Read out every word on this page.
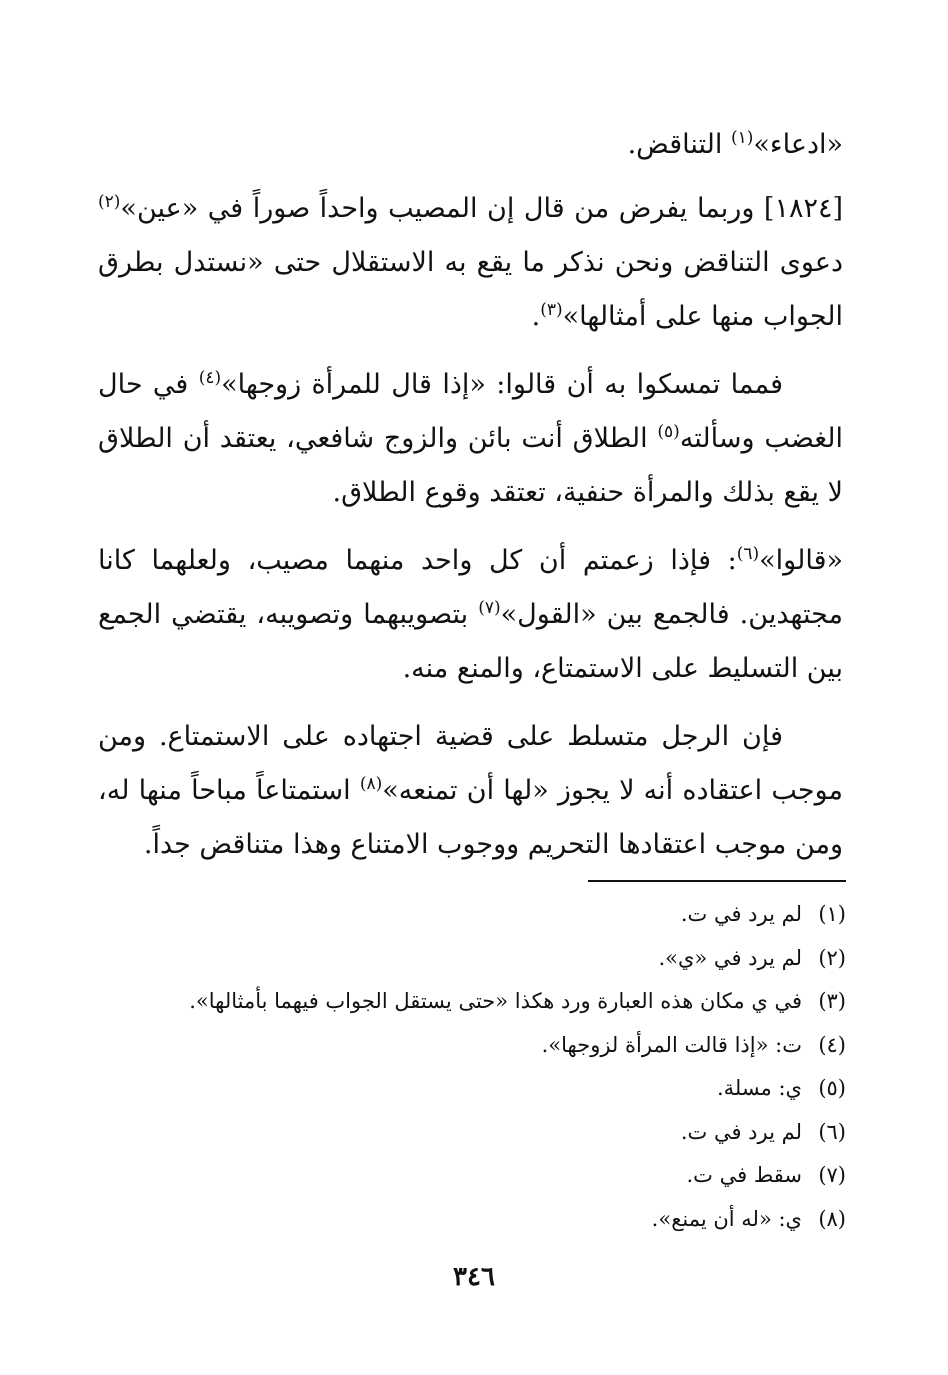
«ادعاء»$^{(١)}$ التناقض.

[١٨٢٤] وربما يفرض من قال إن المصيب واحداً صوراً في «عين»$^{(٢)}$ دعوى التناقض ونحن نذكر ما يقع به الاستقلال حتى «نستدل بطرق الجواب منها على أمثالها»$^{(٣)}$.

فمما تمسكوا به أن قالوا: «إذا قال للمرأة زوجها»$^{(٤)}$ في حال الغضب وسألته$^{(٥)}$ الطلاق أنت بائن والزوج شافعي، يعتقد أن الطلاق لا يقع بذلك والمرأة حنفية، تعتقد وقوع الطلاق.

«قالوا»$^{(٦)}$: فإذا زعمتم أن كل واحد منهما مصيب، ولعلهما كانا مجتهدين. فالجمع بين «القول»$^{(٧)}$ بتصويبهما وتصويبه، يقتضي الجمع بين التسليط على الاستمتاع، والمنع منه.

فإن الرجل متسلط على قضية اجتهاده على الاستمتاع. ومن موجب اعتقاده أنه لا يجوز «لها أن تمنعه»$^{(٨)}$ استمتاعاً مباحاً منها له، ومن موجب اعتقادها التحريم ووجوب الامتناع وهذا متناقض جداً.

(١)
لم يرد في ت.
(٢)
لم يرد في «ي».
(٣)
في ي مكان هذه العبارة ورد هكذا «حتى يستقل الجواب فيهما بأمثالها».
(٤)
ت: «إذا قالت المرأة لزوجها».
(٥)
ي: مسلة.
(٦)
لم يرد في ت.
(٧)
سقط في ت.
(٨)
ي: «له أن يمنع».
٣٤٦
